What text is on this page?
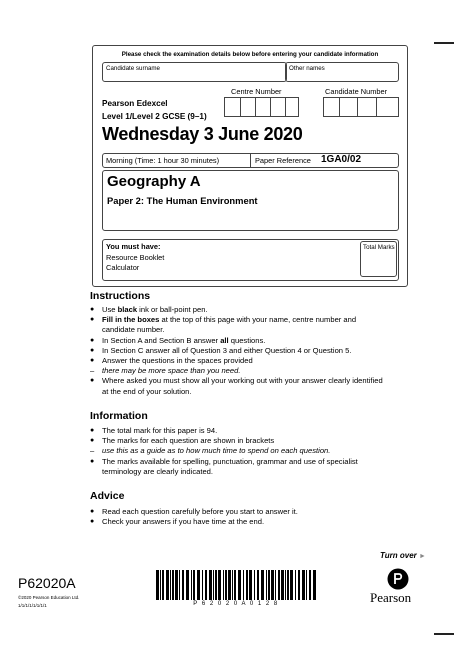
Please check the examination details below before entering your candidate information
Candidate surname	Other names
Pearson Edexcel
Level 1/Level 2 GCSE (9–1)
Centre Number	Candidate Number
Wednesday 3 June 2020
Morning (Time: 1 hour 30 minutes)	Paper Reference 1GA0/02
Geography A
Paper 2: The Human Environment
You must have:
Resource Booklet
Calculator
Total Marks
Instructions
● Use black ink or ball-point pen.
● Fill in the boxes at the top of this page with your name, centre number and candidate number.
● In Section A and Section B answer all questions.
● In Section C answer all of Question 3 and either Question 4 or Question 5.
● Answer the questions in the spaces provided
– there may be more space than you need.
● Where asked you must show all your working out with your answer clearly identified at the end of your solution.
Information
● The total mark for this paper is 94.
● The marks for each question are shown in brackets
– use this as a guide as to how much time to spend on each question.
● The marks available for spelling, punctuation, grammar and use of specialist terminology are clearly indicated.
Advice
● Read each question carefully before you start to answer it.
● Check your answers if you have time at the end.
Turn over ►
P62020A
©2020 Pearson Education Ltd.
1/1/1/1/1/1/1/1	P 6 2 0 2 0 A 0 1 2 8	Pearson
